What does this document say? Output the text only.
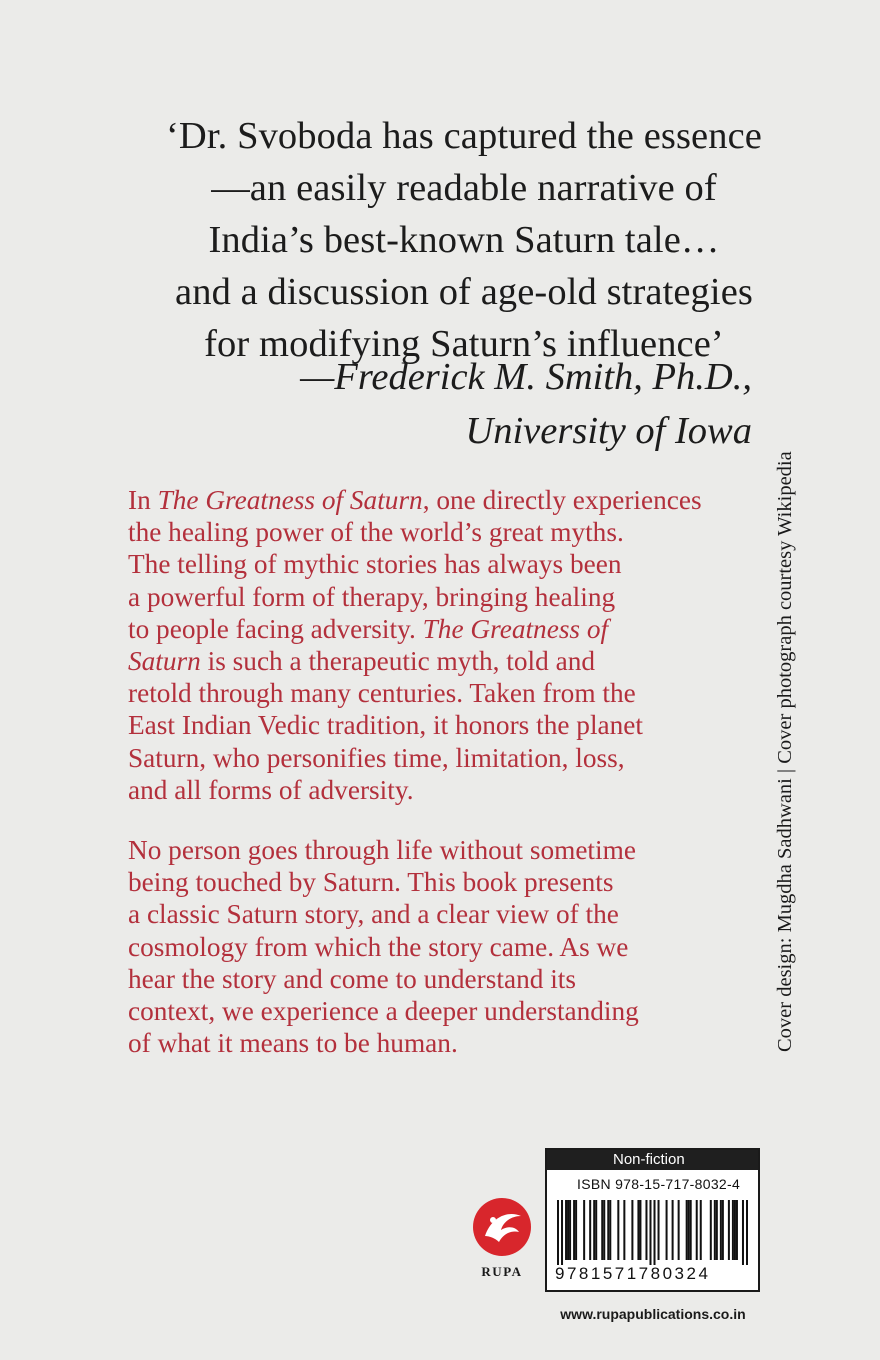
‘Dr. Svoboda has captured the essence
—an easily readable narrative of
India’s best-known Saturn tale…
and a discussion of age-old strategies
for modifying Saturn’s influence’
—Frederick M. Smith, Ph.D.,
University of Iowa
In The Greatness of Saturn, one directly experiences
the healing power of the world’s great myths.
The telling of mythic stories has always been
a powerful form of therapy, bringing healing
to people facing adversity. The Greatness of
Saturn is such a therapeutic myth, told and
retold through many centuries. Taken from the
East Indian Vedic tradition, it honors the planet
Saturn, who personifies time, limitation, loss,
and all forms of adversity.
No person goes through life without sometime
being touched by Saturn. This book presents
a classic Saturn story, and a clear view of the
cosmology from which the story came. As we
hear the story and come to understand its
context, we experience a deeper understanding
of what it means to be human.	Cover design: Mugdha Sadhwani | Cover photograph courtesy Wikipedia
RUPA
Non-fiction
ISBN 978-15-717-8032-4
9781571780324
www.rupapublications.co.in
